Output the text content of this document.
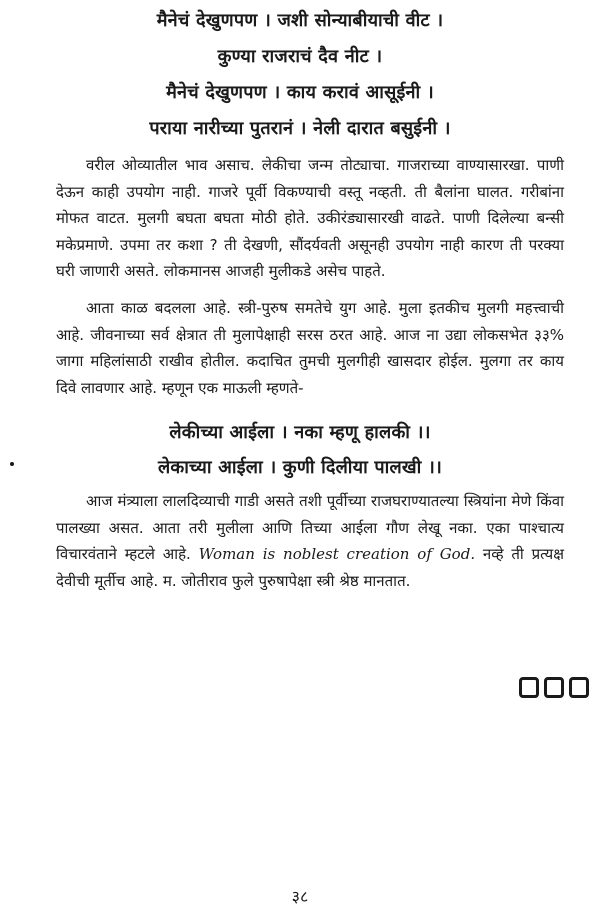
मैनेचं देखुणपण । जशी सोन्याबीयाची वीट ।
कुण्या राजराचं दैव नीट ।
मैनेचं देखुणपण । काय करावं आसूईनी ।
पराया नारीच्या पुतरानं । नेली दारात बसुईनी ।

वरील ओव्यातील भाव असाच. लेकीचा जन्म तोट्याचा. गाजराच्या वाण्यासारखा. पाणी देऊन काही उपयोग नाही. गाजरे पूर्वी विकण्याची वस्तू नव्हती. ती बैलांना घालत. गरीबांना मोफत वाटत. मुलगी बघता बघता मोठी होते. उकीरंड्यासारखी वाढते. पाणी दिलेल्या बन्सी मकेप्रमाणे. उपमा तर कशा ? ती देखणी, सौंदर्यवती असूनही उपयोग नाही कारण ती परक्या घरी जाणारी असते. लोकमानस आजही मुलीकडे असेच पाहते.

आता काळ बदलला आहे. स्त्री-पुरुष समतेचे युग आहे. मुला इतकीच मुलगी महत्त्वाची आहे. जीवनाच्या सर्व क्षेत्रात ती मुलापेक्षाही सरस ठरत आहे. आज ना उद्या लोकसभेत ३३% जागा महिलांसाठी राखीव होतील. कदाचित तुमची मुलगीही खासदार होईल. मुलगा तर काय दिवे लावणार आहे. म्हणून एक माऊली म्हणते-

लेकीच्या आईला । नका म्हणू हालकी ।।
लेकाच्या आईला । कुणी दिलीया पालखी ।।

आज मंत्र्याला लालदिव्याची गाडी असते तशी पूर्वीच्या राजघराण्यातल्या स्त्रियांना मेणे किंवा पालख्या असत. आता तरी मुलीला आणि तिच्या आईला गौण लेखू नका. एका पाश्चात्य विचारवंताने म्हटले आहे. Woman is noblest creation of God. नव्हे ती प्रत्यक्ष देवीची मूर्तीच आहे. म. जोतीराव फुले पुरुषापेक्षा स्त्री श्रेष्ठ मानतात.

३८
